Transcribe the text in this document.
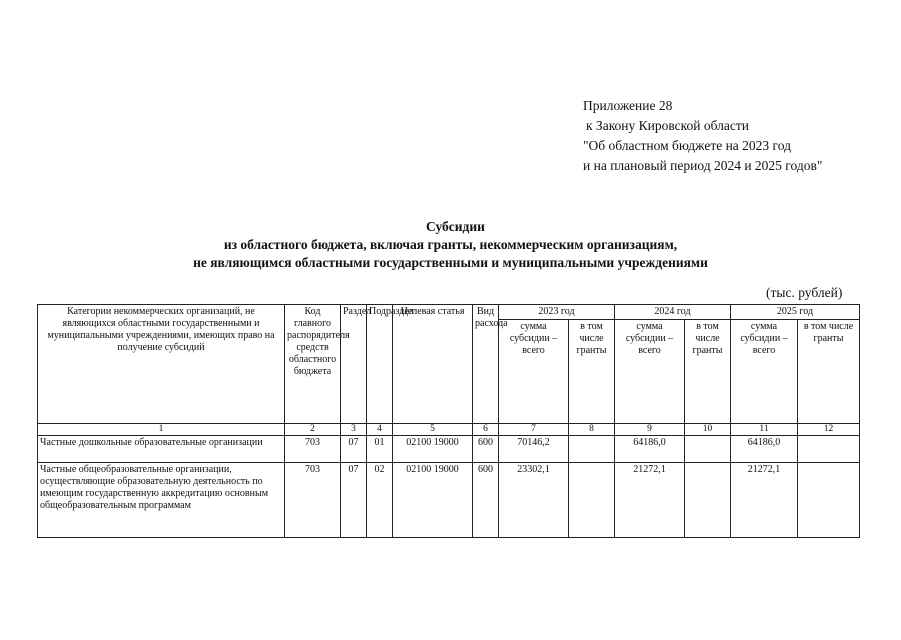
Приложение 28
к Закону Кировской области
"Об областном бюджете на 2023 год
и на плановый период 2024 и 2025 годов"
Субсидии
из областного бюджета, включая гранты, некоммерческим организациям,
не являющимся областными государственными и муниципальными учреждениями
(тыс. рублей)
Категории некоммерческих организаций, не являющихся областными государственными и муниципальными учреждениями, имеющих право на получение субсидий	Код главного распорядителя средств областного бюджета	Раздел	Подраздел	Целевая статья	Вид расхода	2023 год		2024 год		2025 год	
						сумма субсидии – всего	в том числе гранты	сумма субсидии – всего	в том числе гранты	сумма субсидии – всего	в том числе гранты
1	2	3	4	5	6	7	8	9	10	11	12
Частные дошкольные образовательные организации	703	07	01	02100 19000	600	70146,2		64186,0		64186,0	
Частные общеобразовательные организации, осуществляющие образовательную деятельность по имеющим государственную аккредитацию основным общеобразовательным программам	703	07	02	02100 19000	600	23302,1		21272,1		21272,1	
